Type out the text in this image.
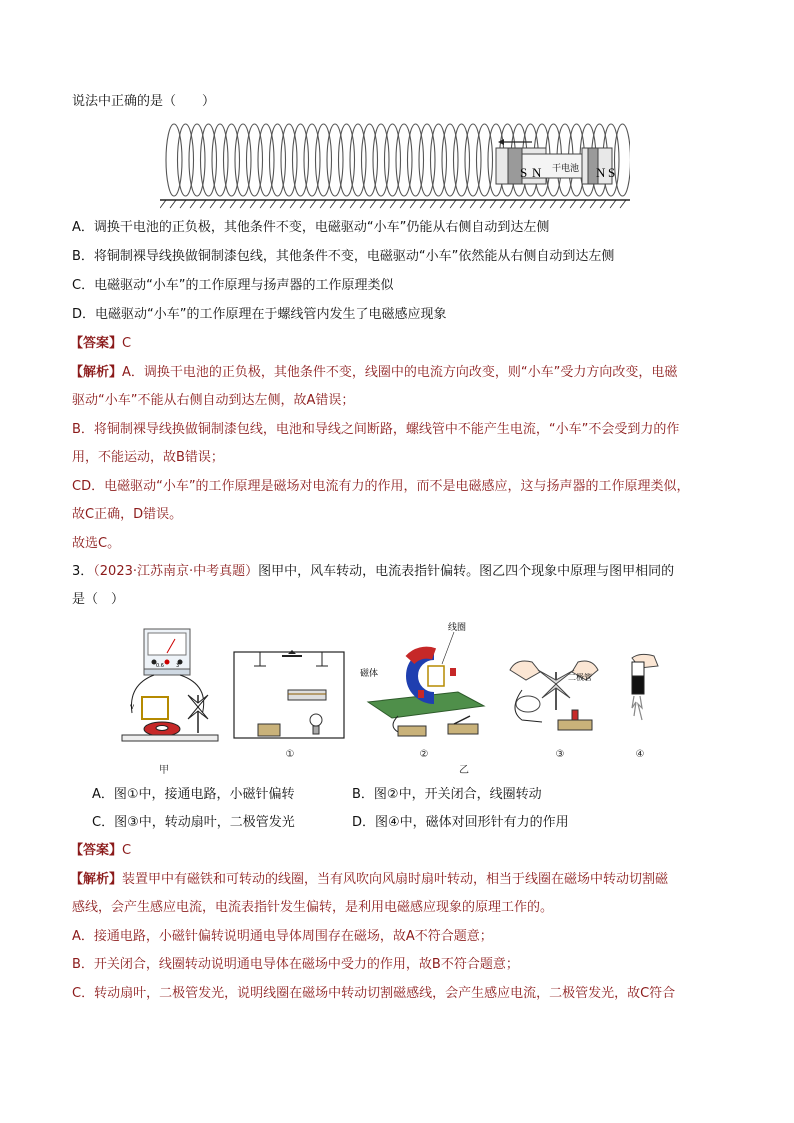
说法中正确的是（　　）
S N 干电池 N S
A．调换干电池的正负极，其他条件不变，电磁驱动“小车”仍能从右侧自动到达左侧
B．将铜制裸导线换做铜制漆包线，其他条件不变，电磁驱动“小车”依然能从右侧自动到达左侧
C．电磁驱动“小车”的工作原理与扬声器的工作原理类似
D．电磁驱动“小车”的工作原理在于螺线管内发生了电磁感应现象
【答案】C
【解析】A．调换干电池的正负极，其他条件不变，线圈中的电流方向改变，则“小车”受力方向改变，电磁
驱动“小车”不能从右侧自动到达左侧，故A错误；
B．将铜制裸导线换做铜制漆包线，电池和导线之间断路，螺线管中不能产生电流，“小车”不会受到力的作
用，不能运动，故B错误；
CD．电磁驱动“小车”的工作原理是磁场对电流有力的作用，而不是电磁感应，这与扬声器的工作原理类似，
故C正确，D错误。
故选C。
3．（2023·江苏南京·中考真题）图甲中，风车转动，电流表指针偏转。图乙四个现象中原理与图甲相同的
是（　）
0.6 3
V
甲
①
线圈
磁体
②
乙
二极管
③	④
A．图①中，接通电路，小磁针偏转	B．图②中，开关闭合，线圈转动
C．图③中，转动扇叶，二极管发光	D．图④中，磁体对回形针有力的作用
【答案】C
【解析】装置甲中有磁铁和可转动的线圈，当有风吹向风扇时扇叶转动，相当于线圈在磁场中转动切割磁
感线，会产生感应电流，电流表指针发生偏转，是利用电磁感应现象的原理工作的。
A．接通电路，小磁针偏转说明通电导体周围存在磁场，故A不符合题意；
B．开关闭合，线圈转动说明通电导体在磁场中受力的作用，故B不符合题意；
C．转动扇叶，二极管发光，说明线圈在磁场中转动切割磁感线，会产生感应电流，二极管发光，故C符合
